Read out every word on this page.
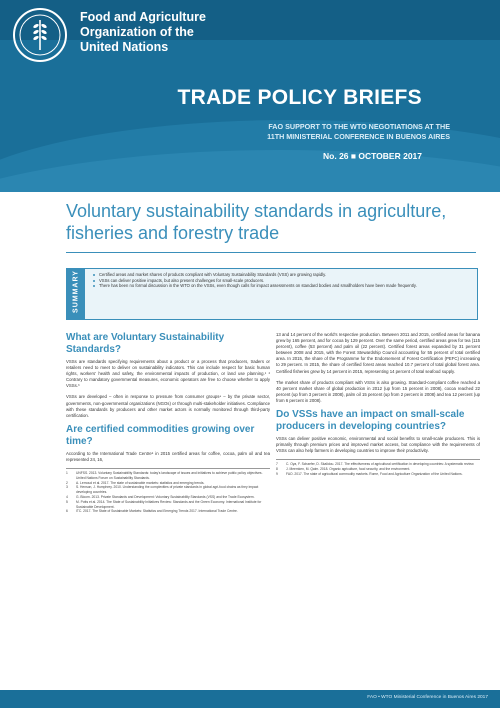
Food and Agriculture
Organization of the
United Nations
TRADE POLICY BRIEFS
FAO SUPPORT TO THE WTO NEGOTIATIONS AT THE
11TH MINISTERIAL CONFERENCE IN BUENOS AIRES
No. 26 ■ OCTOBER 2017
Voluntary sustainability standards in agriculture, fisheries and forestry trade
SUMMARY	Certified areas and market shares of products compliant with Voluntary Sustainability Standards (VSS) are growing rapidly.
VSSs can deliver positive impacts, but also present challenges for small-scale producers.
There has been no formal discussion in the WTO on the VSSs, even though calls for impact assessments on standard bodies and smallholders have been made frequently.
What are Voluntary Sustainability Standards?
VSSs are standards specifying requirements about a product or a process that producers, traders or retailers need to meet to deliver on sustainability indicators. This can include respect for basic human rights, workers' health and safety, the environmental impacts of production, or land use planning.¹ ² Contrary to mandatory governmental measures, economic operators are free to choose whether to apply VSSs.³
VSSs are developed – often in response to pressure from consumer groups⁴ – by the private sector, governments, non-governmental organizations (NGOs) or through multi-stakeholder initiatives. Compliance with these standards by producers and other market actors is normally monitored through third-party certification.
Are certified commodities growing over time?
According to the International Trade Centre⁵ in 2015 certified areas for coffee, cocoa, palm oil and tea represented 24, 16,
1 UNFSS. 2013. Voluntary Sustainability Standards: today’s landscape of issues and initiatives to achieve public policy objectives. United Nations Forum on Sustainability Standards.
2 A. Lernoud et al. 2017. The state of sustainable markets: statistics and emerging trends.
3 S. Henson, J. Humphrey. 2010. Understanding the complexities of private standards in global agri-food chains as they impact developing countries.
4 G. Bloom. 2013. Private Standards and Development: Voluntary Sustainability Standards (VSS) and the Trade Ecosystem.
5 M. Potts et al. 2014. The State of Sustainability Initiatives Review: Standards and the Green Economy. International Institute for Sustainable Development.
6 ITC. 2017. The State of Sustainable Markets: Statistics and Emerging Trends 2017. International Trade Centre.
13 and 14 percent of the world’s respective production. Between 2011 and 2015, certified areas for banana grew by 165 percent, and for cocoa by 129 percent. Over the same period, certified areas grew for tea (115 percent), coffee (53 percent) and palm oil (22 percent). Certified forest areas expanded by 31 percent between 2008 and 2015, with the Forest Stewardship Council accounting for 55 percent of total certified area. In 2015, the share of the Programme for the Endorsement of Forest Certification (PEFC) increasing to 29 percent. In 2015, the share of certified forest areas reached 10.7 percent of total global forest area. Certified fisheries grew by 14 percent in 2015, representing 14 percent of total seafood supply.
The market share of products compliant with VSSs is also growing. Standard-compliant coffee reached a 40 percent market share of global production in 2012 (up from 15 percent in 2008), cocoa reached 22 percent (up from 3 percent in 2008), palm oil 15 percent (up from 2 percent in 2008) and tea 12 percent (up from 6 percent in 2008).
Do VSSs have an impact on small-scale producers in developing countries?
VSSs can deliver positive economic, environmental and social benefits to small-scale producers. This is primarily through premium prices and improved market access, but compliance with the requirements of VSSs can also help farmers in developing countries to improve their productivity.
7 C. Oya, F. Schaefer, D. Skalidou. 2017. The effectiveness of agricultural certification in developing countries: A systematic review.
8 J. Meemken, M. Qaim. 2018. Organic agriculture, food security, and the environment.
9 FAO. 2017. The state of agricultural commodity markets. Rome, Food and Agriculture Organization of the United Nations.
FAO • WTO Ministerial Conference in Buenos Aires 2017
